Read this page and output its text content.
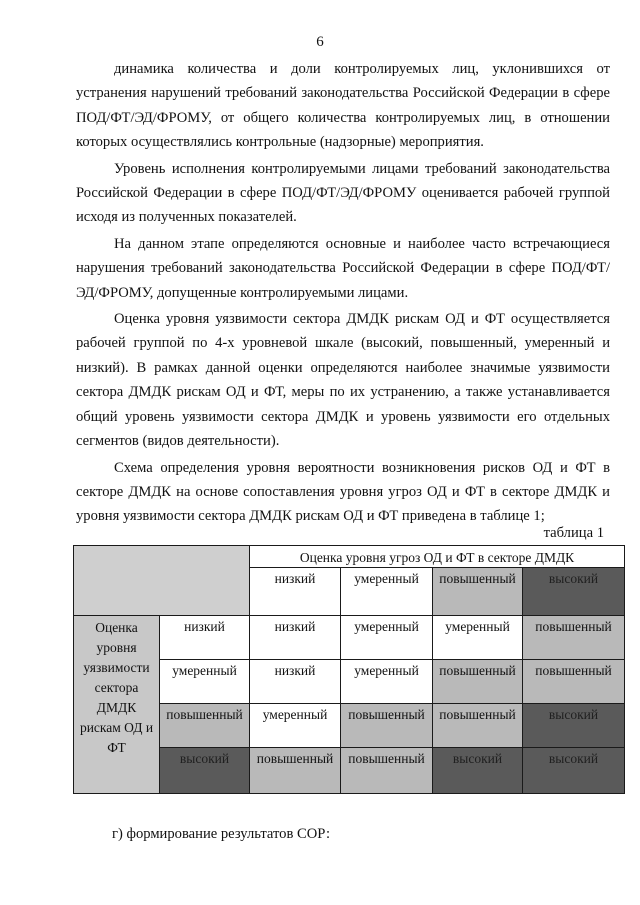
6

динамика количества и доли контролируемых лиц, уклонившихся от устранения нарушений требований законодательства Российской Федерации в сфере ПОД/ФТ/ЭД/ФРОМУ, от общего количества контролируемых лиц, в отношении которых осуществлялись контрольные (надзорные) мероприятия.

Уровень исполнения контролируемыми лицами требований законодательства Российской Федерации в сфере ПОД/ФТ/ЭД/ФРОМУ оценивается рабочей группой исходя из полученных показателей.

На данном этапе определяются основные и наиболее часто встречающиеся нарушения требований законодательства Российской Федерации в сфере ПОД/ФТ/ЭД/ФРОМУ, допущенные контролируемыми лицами.

Оценка уровня уязвимости сектора ДМДК рискам ОД и ФТ осуществляется рабочей группой по 4-х уровневой шкале (высокий, повышенный, умеренный и низкий). В рамках данной оценки определяются наиболее значимые уязвимости сектора ДМДК рискам ОД и ФТ, меры по их устранению, а также устанавливается общий уровень уязвимости сектора ДМДК и уровень уязвимости его отдельных сегментов (видов деятельности).

Схема определения уровня вероятности возникновения рисков ОД и ФТ в секторе ДМДК на основе сопоставления уровня угроз ОД и ФТ в секторе ДМДК и уровня уязвимости сектора ДМДК рискам ОД и ФТ приведена в таблице 1;

таблица 1
		Оценка уровня угроз ОД и ФТ в секторе ДМДК			
		низкий	умеренный	повышенный	высокий
Оценка уровня уязвимости сектора ДМДК рискам ОД и ФТ	низкий	низкий	умеренный	умеренный	повышенный
	умеренный	низкий	умеренный	повышенный	повышенный
	повышенный	умеренный	повышенный	повышенный	высокий
	высокий	повышенный	повышенный	высокий	высокий
г) формирование результатов СОР:
